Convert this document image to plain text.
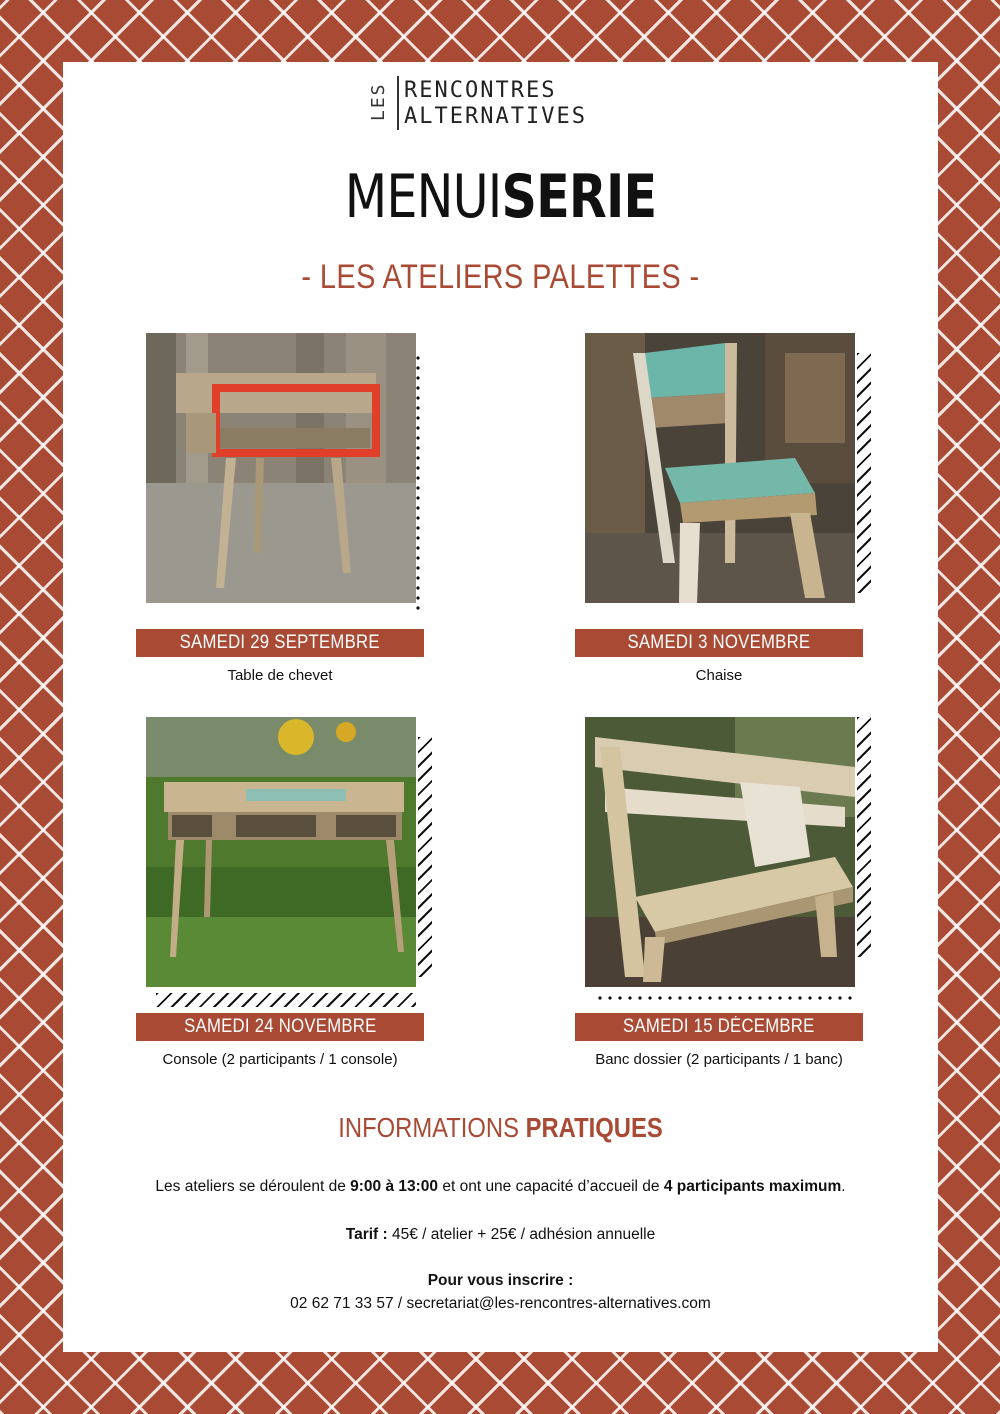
LES RENCONTRES
ALTERNATIVES
MENUISERIE
- LES ATELIERS PALETTES -
SAMEDI 29 SEPTEMBRE
Table de chevet
SAMEDI 3 NOVEMBRE
Chaise
SAMEDI 24 NOVEMBRE
Console (2 participants / 1 console)
SAMEDI 15 DÉCEMBRE
Banc dossier (2 participants / 1 banc)
INFORMATIONS PRATIQUES
Les ateliers se déroulent de 9:00 à 13:00 et ont une capacité d’accueil de 4 participants maximum.
Tarif : 45€ / atelier + 25€ / adhésion annuelle
Pour vous inscrire :
02 62 71 33 57 / secretariat@les-rencontres-alternatives.com
